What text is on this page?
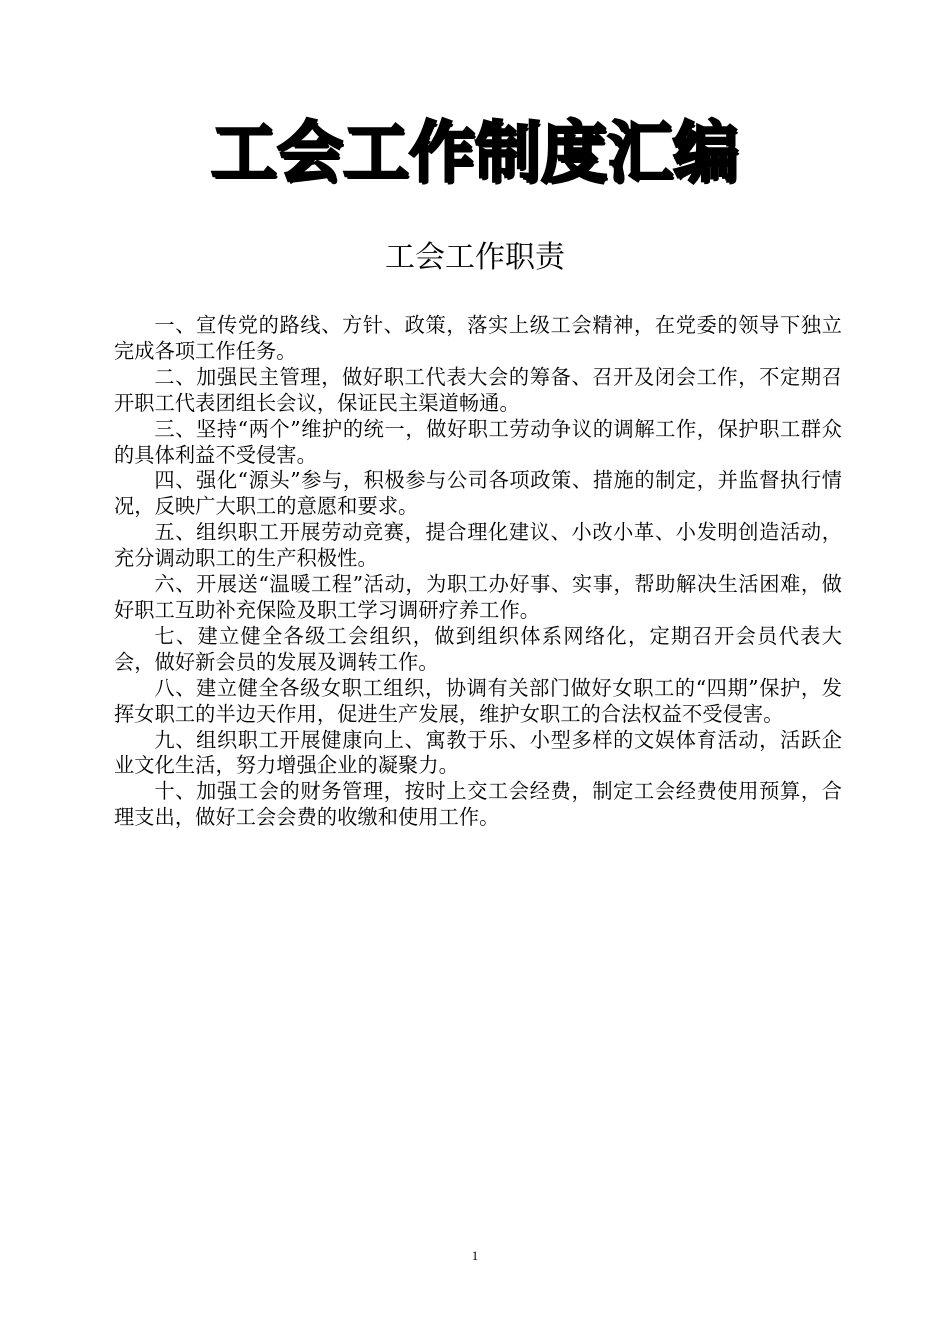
工会工作制度汇编
工会工作职责

一、宣传党的路线、方针、政策，落实上级工会精神，在党委的领导下独立完成各项工作任务。

二、加强民主管理，做好职工代表大会的筹备、召开及闭会工作，不定期召开职工代表团组长会议，保证民主渠道畅通。

三、坚持“两个”维护的统一，做好职工劳动争议的调解工作，保护职工群众的具体利益不受侵害。

四、强化“源头”参与，积极参与公司各项政策、措施的制定，并监督执行情况，反映广大职工的意愿和要求。

五、组织职工开展劳动竞赛，提合理化建议、小改小革、小发明创造活动，充分调动职工的生产积极性。

六、开展送“温暖工程”活动，为职工办好事、实事，帮助解决生活困难，做好职工互助补充保险及职工学习调研疗养工作。

七、建立健全各级工会组织，做到组织体系网络化，定期召开会员代表大会，做好新会员的发展及调转工作。

八、建立健全各级女职工组织，协调有关部门做好女职工的“四期”保护，发挥女职工的半边天作用，促进生产发展，维护女职工的合法权益不受侵害。

九、组织职工开展健康向上、寓教于乐、小型多样的文娱体育活动，活跃企业文化生活，努力增强企业的凝聚力。

十、加强工会的财务管理，按时上交工会经费，制定工会经费使用预算，合理支出，做好工会会费的收缴和使用工作。

1
